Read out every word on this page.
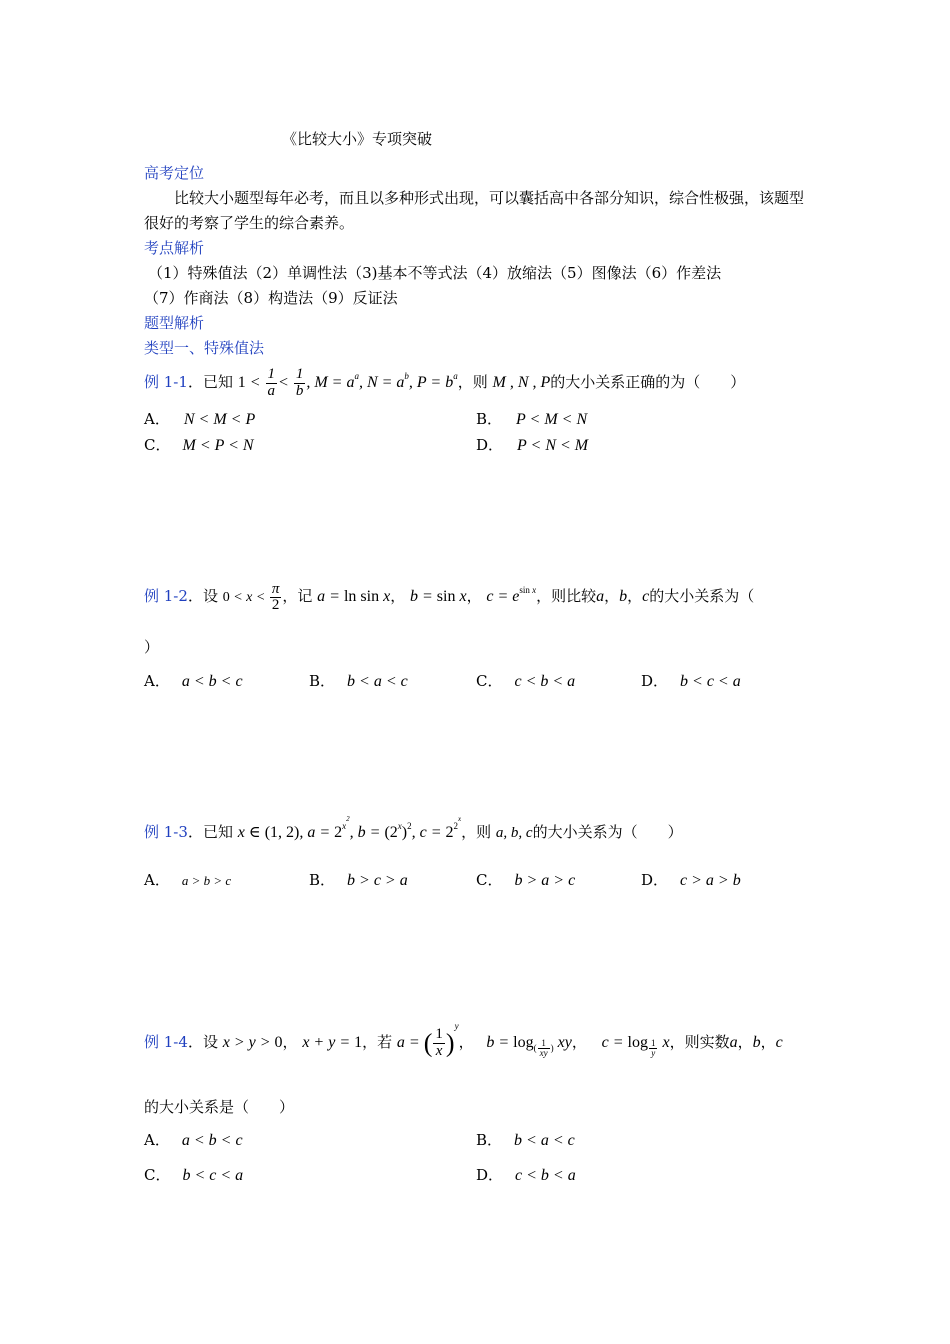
《比较大小》专项突破
高考定位
比较大小题型每年必考，而且以多种形式出现，可以囊括高中各部分知识，综合性极强，该题型很好的考察了学生的综合素养。
考点解析
（1）特殊值法（2）单调性法（3)基本不等式法（4）放缩法（5）图像法（6）作差法
（7）作商法（8）构造法（9）反证法
题型解析
类型一、特殊值法
例 1-1．已知 $1 < \frac{1}{a} < \frac{1}{b}$ , $M = a^a$, $N = a^b$, $P = b^a$，则 M , N , P的大小关系正确的为（　　）
A． N < M < P	B． P < M < N
C． M < P < N	D． P < N < M
例 1-2．设 $0 < x < \frac{\pi}{2}$ ，记 a = ln sin x， b = sin x， $c = e^{sin x}$，则比较a，b，c的大小关系为（
）
A． a < b < c	B． b < a < c	C． c < b < a	D． b < c < a
例 1-3．已知 x ∈ (1, 2), $a = 2^{x^2}$, $b = (2^x)^2$, $c = 2^{2^x}$，则 a, b, c的大小关系为（　　）
A． a > b > c	B． b > c > a	C． b > a > c	D． c > a > b
例 1-4．设 x > y > 0， x + y = 1，若 a = ( $\frac{1}{x} )^y$， $b = \log_{( \frac{1}{xy} )}$ xy， c = log $_{\frac{1}{y}}$ x，则实数a，b，c
的大小关系是（　　）
A． a < b < c	B． b < a < c
C． b < c < a	D． c < b < a
